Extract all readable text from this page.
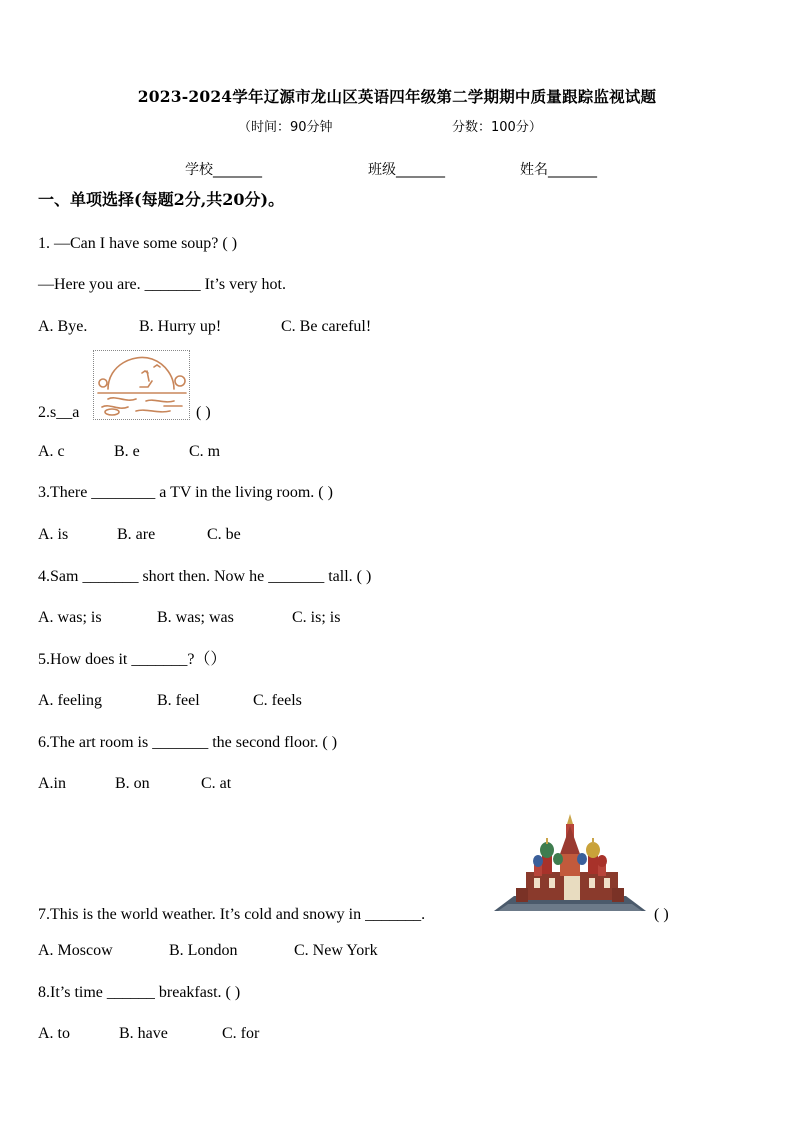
2023-2024学年辽源市龙山区英语四年级第二学期期中质量跟踪监视试题
（时间：90分钟	分数：100分）
学校_______	班级_______	姓名_______
一、单项选择(每题2分,共20分)。
1. —Can I have some soup? ( )
—Here you are. _______ It’s very hot.
A. Bye.	B. Hurry up!	C. Be careful!
2.s__a	( )
A. c	B. e	C. m
3.There ________ a TV in the living room. ( )
A. is	B. are	C. be
4.Sam _______ short then. Now he _______ tall. ( )
A. was; is	B. was; was	C. is; is
5.How does it _______?（）
A. feeling	B. feel	C. feels
6.The art room is _______ the second floor. ( )
A.in	B. on	C. at
7.This is the world weather. It’s cold and snowy in _______.	( )
A. Moscow	B. London	C. New York
8.It’s time ______ breakfast. ( )
A. to	B. have	C. for
